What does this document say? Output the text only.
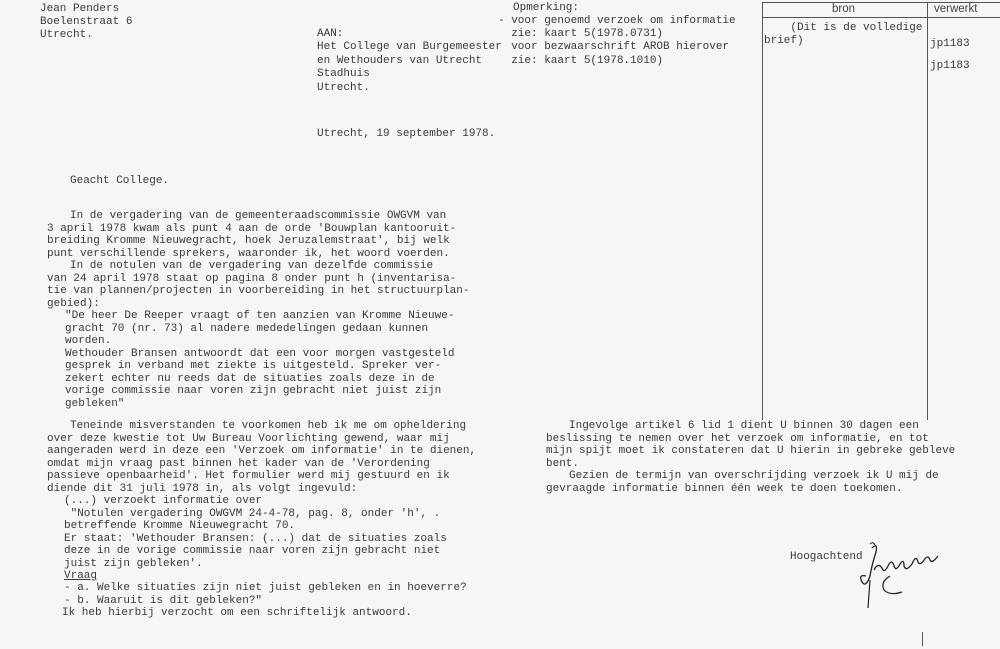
Jean Penders
Boelenstraat 6
Utrecht.	AAN:
Het College van Burgemeester
en Wethouders van Utrecht
Stadhuis
Utrecht.
Utrecht, 19 september 1978.
Geacht College.
Opmerking:
- voor genoemd verzoek om informatie
zie: kaart 5(1978.0731)
voor bezwaarschrift AROB hierover
zie: kaart 5(1978.1010)
bron	verwerkt
(Dit is de volledige
brief)	jp1183
jp1183
In de vergadering van de gemeenteraadscommissie OWGVM van
3 april 1978 kwam als punt 4 aan de orde 'Bouwplan kantooruit-
breiding Kromme Nieuwegracht, hoek Jeruzalemstraat', bij welk
punt verschillende sprekers, waaronder ik, het woord voerden.
In de notulen van de vergadering van dezelfde commissie
van 24 april 1978 staat op pagina 8 onder punt h (inventarisa-
tie van plannen/projecten in voorbereiding in het structuurplan-
gebied):
"De heer De Reeper vraagt of ten aanzien van Kromme Nieuwe-
gracht 70 (nr. 73) al nadere mededelingen gedaan kunnen
worden.
Wethouder Bransen antwoordt dat een voor morgen vastgesteld
gesprek in verband met ziekte is uitgesteld. Spreker ver-
zekert echter nu reeds dat de situaties zoals deze in de
vorige commissie naar voren zijn gebracht niet juist zijn
gebleken"
Teneinde misverstanden te voorkomen heb ik me om opheldering
over deze kwestie tot Uw Bureau Voorlichting gewend, waar mij
aangeraden werd in deze een 'Verzoek om informatie' in te dienen,
omdat mijn vraag past binnen het kader van de 'Verordening
passieve openbaarheid'. Het formulier werd mij gestuurd en ik
diende dit 31 juli 1978 in, als volgt ingevuld:
(...) verzoekt informatie over
"Notulen vergadering OWGVM 24-4-78, pag. 8, onder 'h', .
betreffende Kromme Nieuwegracht 70.
Er staat: 'Wethouder Bransen: (...) dat de situaties zoals
deze in de vorige commissie naar voren zijn gebracht niet
juist zijn gebleken'.
Vraag
- a. Welke situaties zijn niet juist gebleken en in hoeverre?
- b. Waaruit is dit gebleken?"
Ik heb hierbij verzocht om een schriftelijk antwoord.
Ingevolge artikel 6 lid 1 dient U binnen 30 dagen een
beslissing te nemen over het verzoek om informatie, en tot
mijn spijt moet ik constateren dat U hierin in gebreke gebleve
bent.
Gezien de termijn van overschrijding verzoek ik U mij de
gevraagde informatie binnen één week te doen toekomen.
Hoogachtend
